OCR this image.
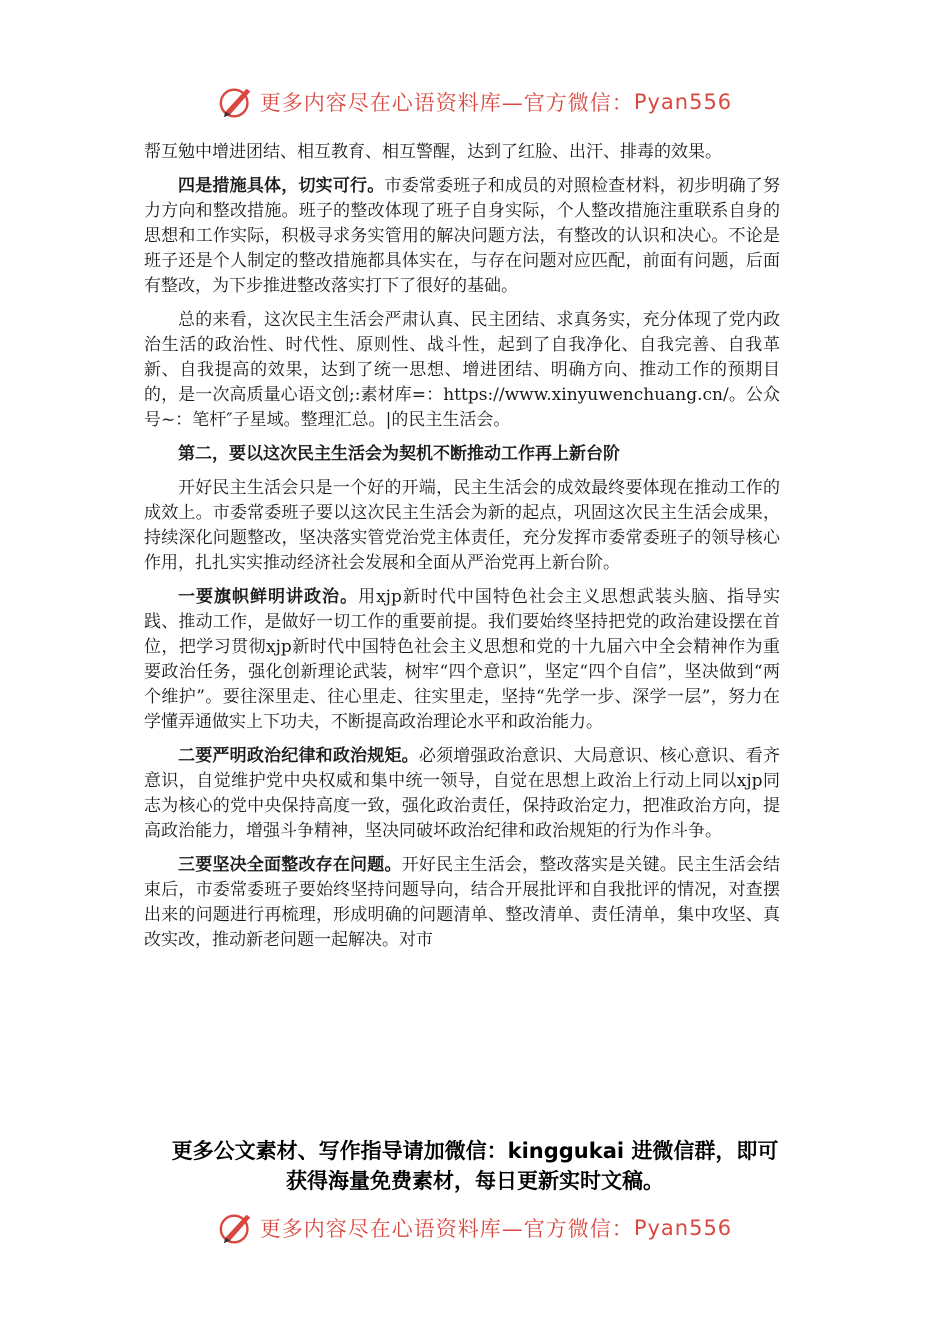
更多内容尽在心语资料库—官方微信： Pyan556

帮互勉中增进团结、相互教育、相互警醒，达到了红脸、出汗、排毒的效果。

四是措施具体，切实可行。市委常委班子和成员的对照检查材料，初步明确了努力方向和整改措施。班子的整改体现了班子自身实际，个人整改措施注重联系自身的思想和工作实际，积极寻求务实管用的解决问题方法，有整改的认识和决心。不论是班子还是个人制定的整改措施都具体实在，与存在问题对应匹配，前面有问题，后面有整改，为下步推进整改落实打下了很好的基础。

总的来看，这次民主生活会严肃认真、民主团结、求真务实，充分体现了党内政治生活的政治性、时代性、原则性、战斗性，起到了自我净化、自我完善、自我革新、自我提高的效果，达到了统一思想、增进团结、明确方向、推动工作的预期目的，是一次高质量心语文创;:素材库=：https://www.xinyuwenchuang.cn/。公众号~：笔杆″子星域。整理汇总。|的民主生活会。

第二，要以这次民主生活会为契机不断推动工作再上新台阶

开好民主生活会只是一个好的开端，民主生活会的成效最终要体现在推动工作的成效上。市委常委班子要以这次民主生活会为新的起点，巩固这次民主生活会成果，持续深化问题整改，坚决落实管党治党主体责任，充分发挥市委常委班子的领导核心作用，扎扎实实推动经济社会发展和全面从严治党再上新台阶。

一要旗帜鲜明讲政治。用xjp新时代中国特色社会主义思想武装头脑、指导实践、推动工作，是做好一切工作的重要前提。我们要始终坚持把党的政治建设摆在首位，把学习贯彻xjp新时代中国特色社会主义思想和党的十九届六中全会精神作为重要政治任务，强化创新理论武装，树牢“四个意识”，坚定“四个自信”，坚决做到“两个维护”。要往深里走、往心里走、往实里走，坚持“先学一步、深学一层”，努力在学懂弄通做实上下功夫，不断提高政治理论水平和政治能力。

二要严明政治纪律和政治规矩。必须增强政治意识、大局意识、核心意识、看齐意识，自觉维护党中央权威和集中统一领导，自觉在思想上政治上行动上同以xjp同志为核心的党中央保持高度一致，强化政治责任，保持政治定力，把准政治方向，提高政治能力，增强斗争精神，坚决同破坏政治纪律和政治规矩的行为作斗争。

三要坚决全面整改存在问题。开好民主生活会，整改落实是关键。民主生活会结束后，市委常委班子要始终坚持问题导向，结合开展批评和自我批评的情况，对查摆出来的问题进行再梳理，形成明确的问题清单、整改清单、责任清单，集中攻坚、真改实改，推动新老问题一起解决。对市

更多公文素材、写作指导请加微信：kinggukai 进微信群，即可
获得海量免费素材，每日更新实时文稿。
更多内容尽在心语资料库—官方微信： Pyan556
